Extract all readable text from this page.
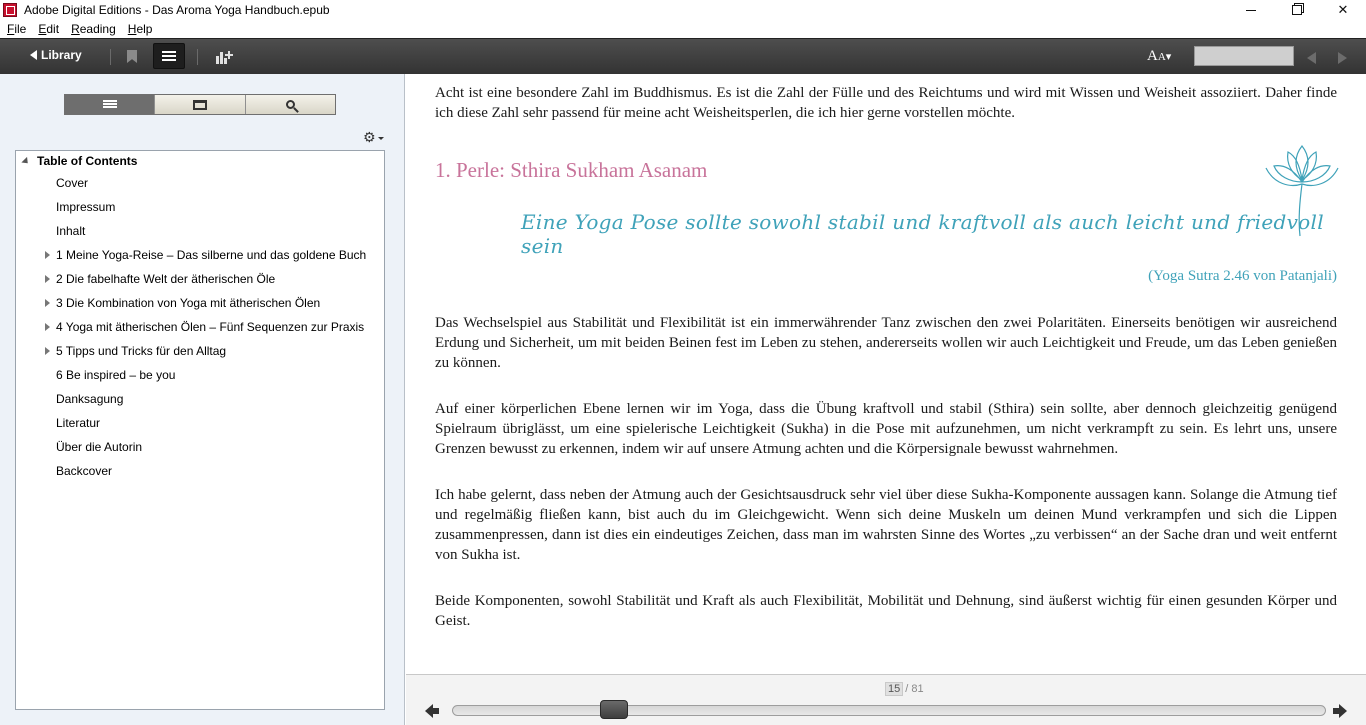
Adobe Digital Editions - Das Aroma Yoga Handbuch.epub	✕
File Edit Reading Help
Library	AA▾
⚙
Table of Contents
Cover
Impressum
Inhalt
1 Meine Yoga-Reise – Das silberne und das goldene Buch
2 Die fabelhafte Welt der ätherischen Öle
3 Die Kombination von Yoga mit ätherischen Ölen
4 Yoga mit ätherischen Ölen – Fünf Sequenzen zur Praxis
5 Tipps und Tricks für den Alltag
6 Be inspired – be you
Danksagung
Literatur
Über die Autorin
Backcover

Acht ist eine besondere Zahl im Buddhismus. Es ist die Zahl der Fülle und des Reichtums und wird mit Wissen und Weisheit assoziiert. Daher finde ich diese Zahl sehr passend für meine acht Weisheitsperlen, die ich hier gerne vorstellen möchte.

1. Perle: Sthira Sukham Asanam
Eine Yoga Pose sollte sowohl stabil und kraftvoll als auch leicht und friedvoll sein
(Yoga Sutra 2.46 von Patanjali)

Das Wechselspiel aus Stabilität und Flexibilität ist ein immerwährender Tanz zwischen den zwei Polaritäten. Einerseits benötigen wir ausreichend Erdung und Sicherheit, um mit beiden Beinen fest im Leben zu stehen, andererseits wollen wir auch Leichtigkeit und Freude, um das Leben genießen zu können.

Auf einer körperlichen Ebene lernen wir im Yoga, dass die Übung kraftvoll und stabil (Sthira) sein sollte, aber dennoch gleichzeitig genügend Spielraum übriglässt, um eine spielerische Leichtigkeit (Sukha) in die Pose mit aufzunehmen, um nicht verkrampft zu sein. Es lehrt uns, unsere Grenzen bewusst zu erkennen, indem wir auf unsere Atmung achten und die Körpersignale bewusst wahrnehmen.

Ich habe gelernt, dass neben der Atmung auch der Gesichtsausdruck sehr viel über diese Sukha-Komponente aussagen kann. Solange die Atmung tief und regelmäßig fließen kann, bist auch du im Gleichgewicht. Wenn sich deine Muskeln um deinen Mund verkrampfen und sich die Lippen zusammenpressen, dann ist dies ein eindeutiges Zeichen, dass man im wahrsten Sinne des Wortes „zu verbissen“ an der Sache dran und weit entfernt von Sukha ist.

Beide Komponenten, sowohl Stabilität und Kraft als auch Flexibilität, Mobilität und Dehnung, sind äußerst wichtig für einen gesunden Körper und Geist.

15 / 81
